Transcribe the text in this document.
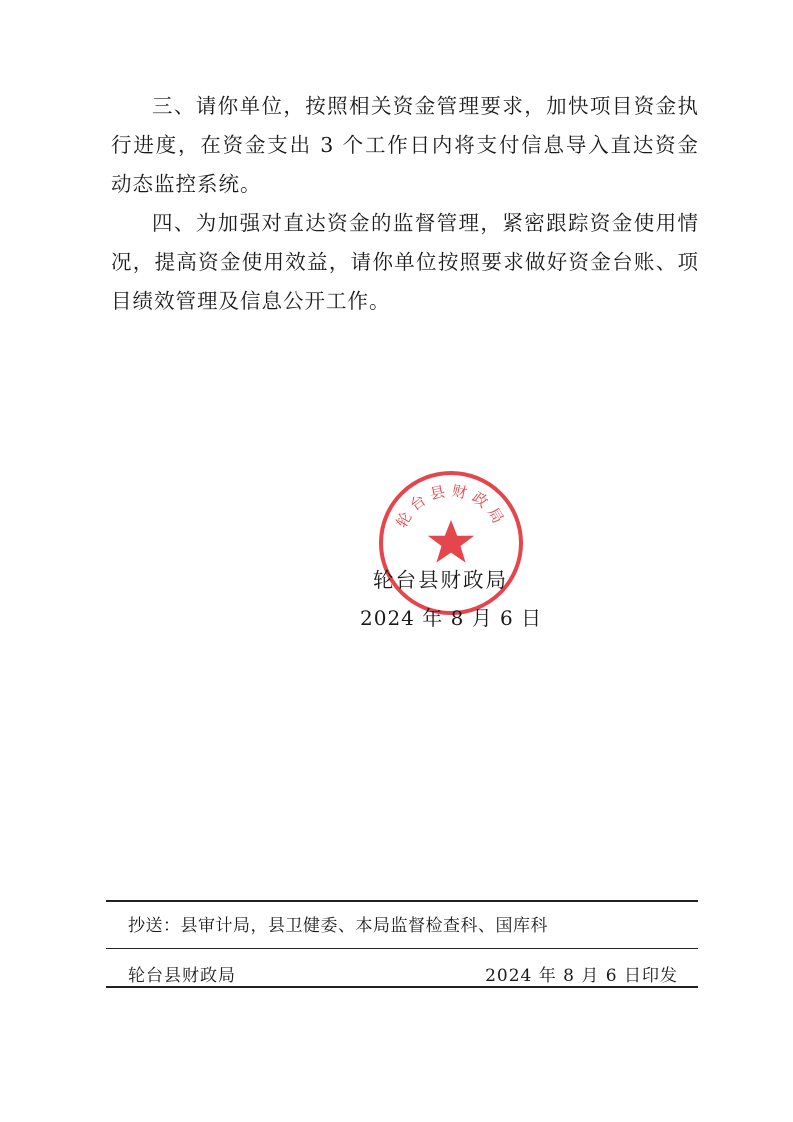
三、请你单位，按照相关资金管理要求，加快项目资金执行进度，在资金支出 3 个工作日内将支付信息导入直达资金动态监控系统。

四、为加强对直达资金的监督管理，紧密跟踪资金使用情况，提高资金使用效益，请你单位按照要求做好资金台账、项目绩效管理及信息公开工作。

轮台县财政局
轮台县财政局
2024 年 8 月 6 日
抄送：县审计局，县卫健委、本局监督检查科、国库科
轮台县财政局	2024 年 8 月 6 日印发
